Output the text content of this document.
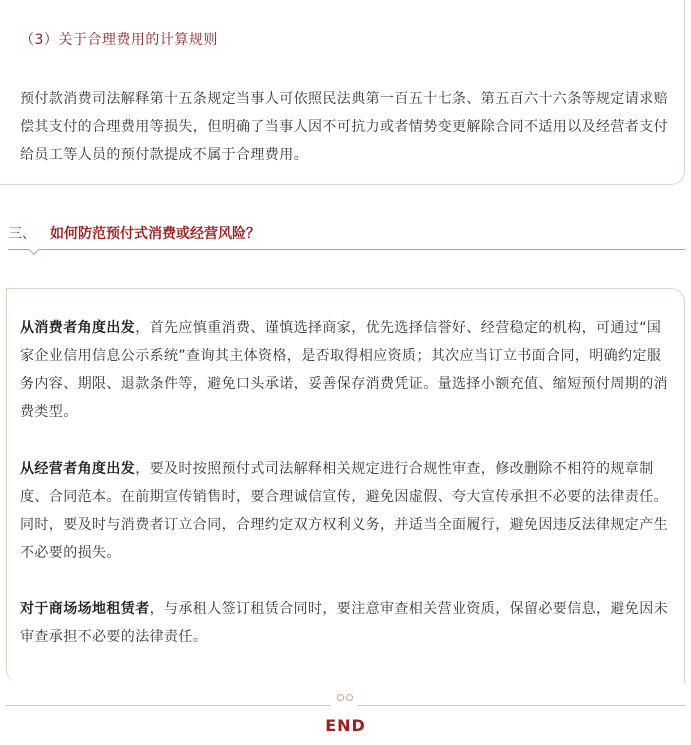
（3）关于合理费用的计算规则

预付款消费司法解释第十五条规定当事人可依照民法典第一百五十七条、第五百六十六条等规定请求赔偿其支付的合理费用等损失，但明确了当事人因不可抗力或者情势变更解除合同不适用以及经营者支付给员工等人员的预付款提成不属于合理费用。

三、 如何防范预付式消费或经营风险？

从消费者角度出发，首先应慎重消费、谨慎选择商家，优先选择信誉好、经营稳定的机构，可通过“国家企业信用信息公示系统”查询其主体资格，是否取得相应资质；其次应当订立书面合同，明确约定服务内容、期限、退款条件等，避免口头承诺，妥善保存消费凭证。量选择小额充值、缩短预付周期的消费类型。

从经营者角度出发，要及时按照预付式司法解释相关规定进行合规性审查，修改删除不相符的规章制度、合同范本。在前期宣传销售时，要合理诚信宣传，避免因虚假、夸大宣传承担不必要的法律责任。同时，要及时与消费者订立合同，合理约定双方权利义务，并适当全面履行，避免因违反法律规定产生不必要的损失。

对于商场场地租赁者，与承租人签订租赁合同时，要注意审查相关营业资质，保留必要信息，避免因未审查承担不必要的法律责任。

END
